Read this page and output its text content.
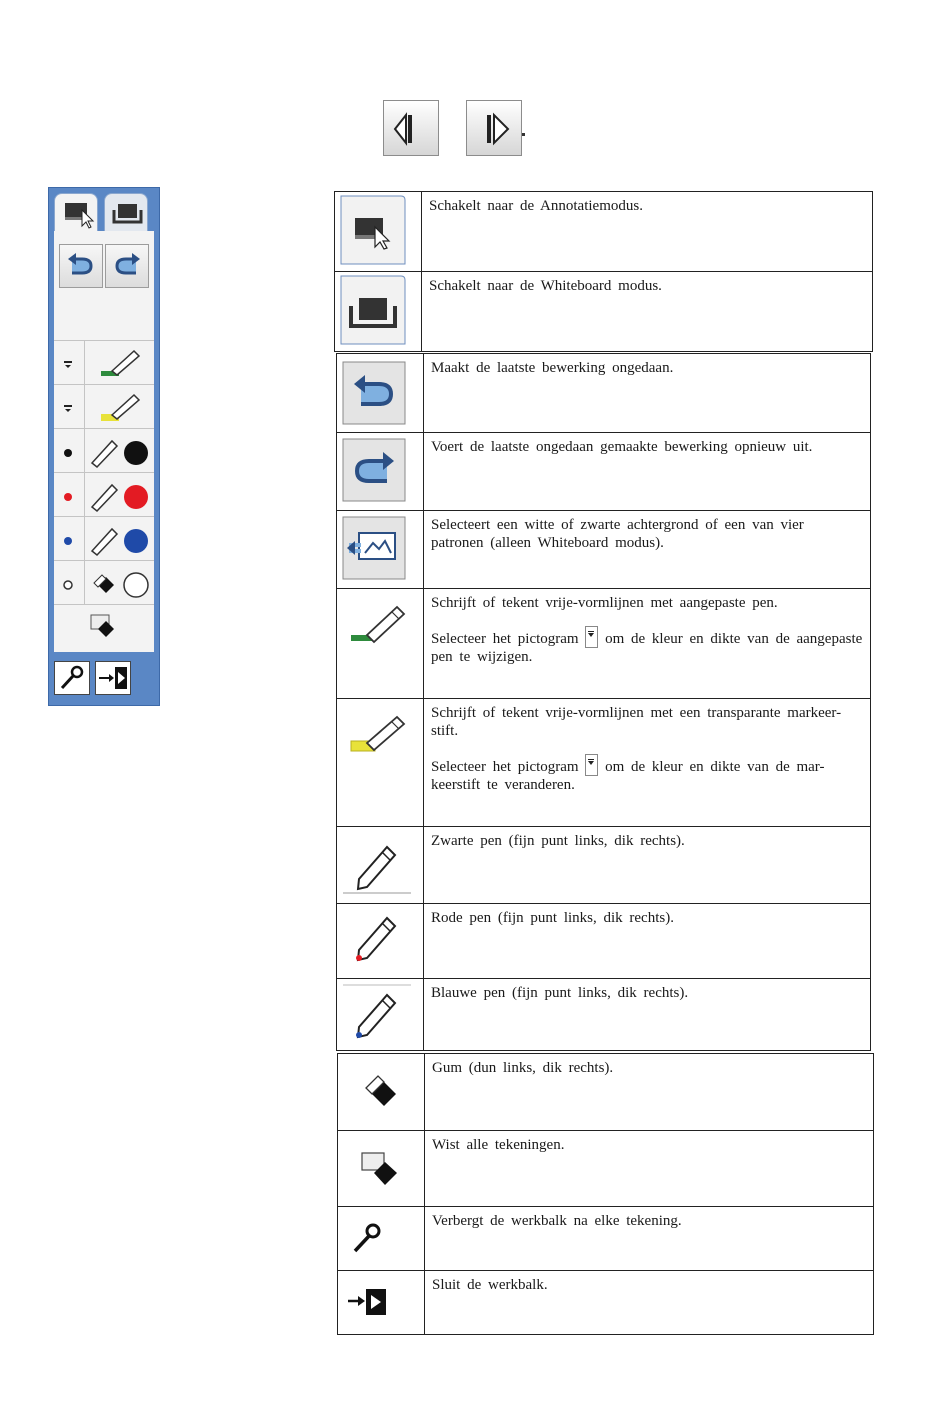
Schakelt naar de Annotatiemodus.

Schakelt naar de Whiteboard modus.

Maakt de laatste bewerking ongedaan.

Voert de laatste ongedaan gemaakte bewerking opnieuw uit.

Selecteert een witte of zwarte achtergrond of een van vier patronen (alleen Whiteboard modus).

Schrijft of tekent vrije-vormlijnen met aangepaste pen.
Selecteer het pictogram om de kleur en dikte van de aangepaste pen te wijzigen.

Schrijft of tekent vrije-vormlijnen met een transparante markeer-stift.
Selecteer het pictogram om de kleur en dikte van de mar-keerstift te veranderen.

Zwarte pen (fijn punt links, dik rechts).

Rode pen (fijn punt links, dik rechts).

Blauwe pen (fijn punt links, dik rechts).

Gum (dun links, dik rechts).

Wist alle tekeningen.

Verbergt de werkbalk na elke tekening.

Sluit de werkbalk.
